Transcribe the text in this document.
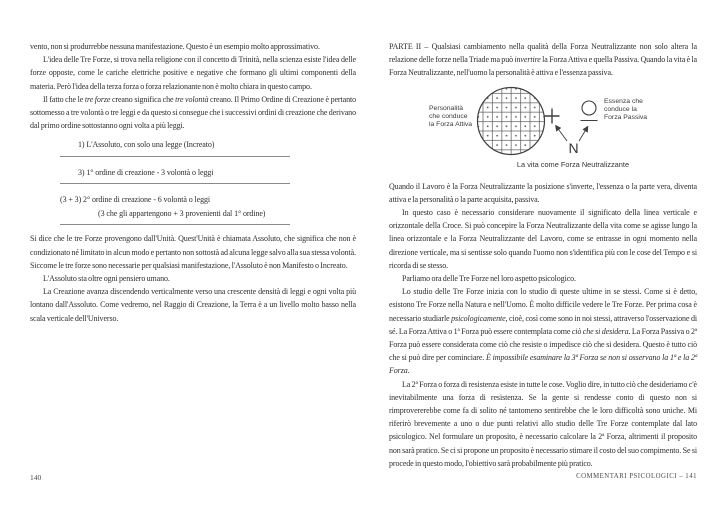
vento, non si produrrebbe nessuna manifestazione. Questo è un esempio molto approssimativo.

L'idea delle Tre Forze, si trova nella religione con il concetto di Trinità, nella scienza esiste l'idea delle forze opposte, come le cariche elettriche positive e negative che formano gli ultimi componenti della materia. Però l'idea della terza forza o forza relazionante non è molto chiara in questo campo.

Il fatto che le tre forze creano significa che tre volontà creano. Il Primo Ordine di Creazione è pertanto sottomesso a tre volontà o tre leggi e da questo si consegue che i successivi ordini di creazione che derivano dal primo ordine sottostanno ogni volta a più leggi.

1) L'Assoluto, con solo una legge (Increato)
3) 1° ordine di creazione - 3 volontà o leggi
(3 + 3) 2° ordine di creazione - 6 volontà o leggi
(3 che gli appartengono + 3 provenienti dal 1° ordine)

Si dice che le tre Forze provengono dall'Unità. Quest'Unità è chiamata Assoluto, che significa che non è condizionato né limitato in alcun modo e pertanto non sottostà ad alcuna legge salvo alla sua stessa volontà. Siccome le tre forze sono necessarie per qualsiasi manifestazione, l'Assoluto è non Manifesto o Increato.

L'Assoluto sta oltre ogni pensiero umano.

La Creazione avanza discendendo verticalmente verso una crescente densità di leggi e ogni volta più lontano dall'Assoluto. Come vedremo, nel Raggio di Creazione, la Terra è a un livello molto basso nella scala verticale dell'Universo.

PARTE II – Qualsiasi cambiamento nella qualità della Forza Neutralizzante non solo altera la relazione delle forze nella Triade ma può invertire la Forza Attiva e quella Passiva. Quando la vita è la Forza Neutralizzante, nell'uomo la personalità è attiva e l'essenza passiva.

Personalità
che conduce
la Forza Attiva
Essenza che
conduce la
Forza Passiva
N
La vita come Forza Neutralizzante

Quando il Lavoro è la Forza Neutralizzante la posizione s'inverte, l'essenza o la parte vera, diventa attiva e la personalità o la parte acquisita, passiva.

In questo caso è necessario considerare nuovamente il significato della linea verticale e orizzontale della Croce. Si può concepire la Forza Neutralizzante della vita come se agisse lungo la linea orizzontale e la Forza Neutralizzante del Lavoro, come se entrasse in ogni momento nella direzione verticale, ma si sentisse solo quando l'uomo non s'identifica più con le cose del Tempo e si ricorda di se stesso.

Parliamo ora delle Tre Forze nel loro aspetto psicologico.

Lo studio delle Tre Forze inizia con lo studio di queste ultime in se stessi. Come si è detto, esistono Tre Forze nella Natura e nell'Uomo. È molto difficile vedere le Tre Forze. Per prima cosa è necessario studiarle psicologicamente, cioè, così come sono in noi stessi, attraverso l'osservazione di sé. La Forza Attiva o 1ª Forza può essere contemplata come ciò che si desidera. La Forza Passiva o 2ª Forza può essere considerata come ciò che resiste o impedisce ciò che si desidera. Questo è tutto ciò che si può dire per cominciare. È impossibile esaminare la 3ª Forza se non si osservano la 1ª e la 2ª Forza.

La 2ª Forza o forza di resistenza esiste in tutte le cose. Voglio dire, in tutto ciò che desideriamo c'è inevitabilmente una forza di resistenza. Se la gente si rendesse conto di questo non si rimprovererebbe come fa di solito né tantomeno sentirebbe che le loro difficoltà sono uniche. Mi riferirò brevemente a uno o due punti relativi allo studio delle Tre Forze contemplate dal lato psicologico. Nel formulare un proposito, è necessario calcolare la 2ª Forza, altrimenti il proposito non sarà pratico. Se ci si propone un proposito è necessario stimare il costo del suo compimento. Se si procede in questo modo, l'obiettivo sarà probabilmente più pratico.

140	COMMENTARI PSICOLOGICI – 141
